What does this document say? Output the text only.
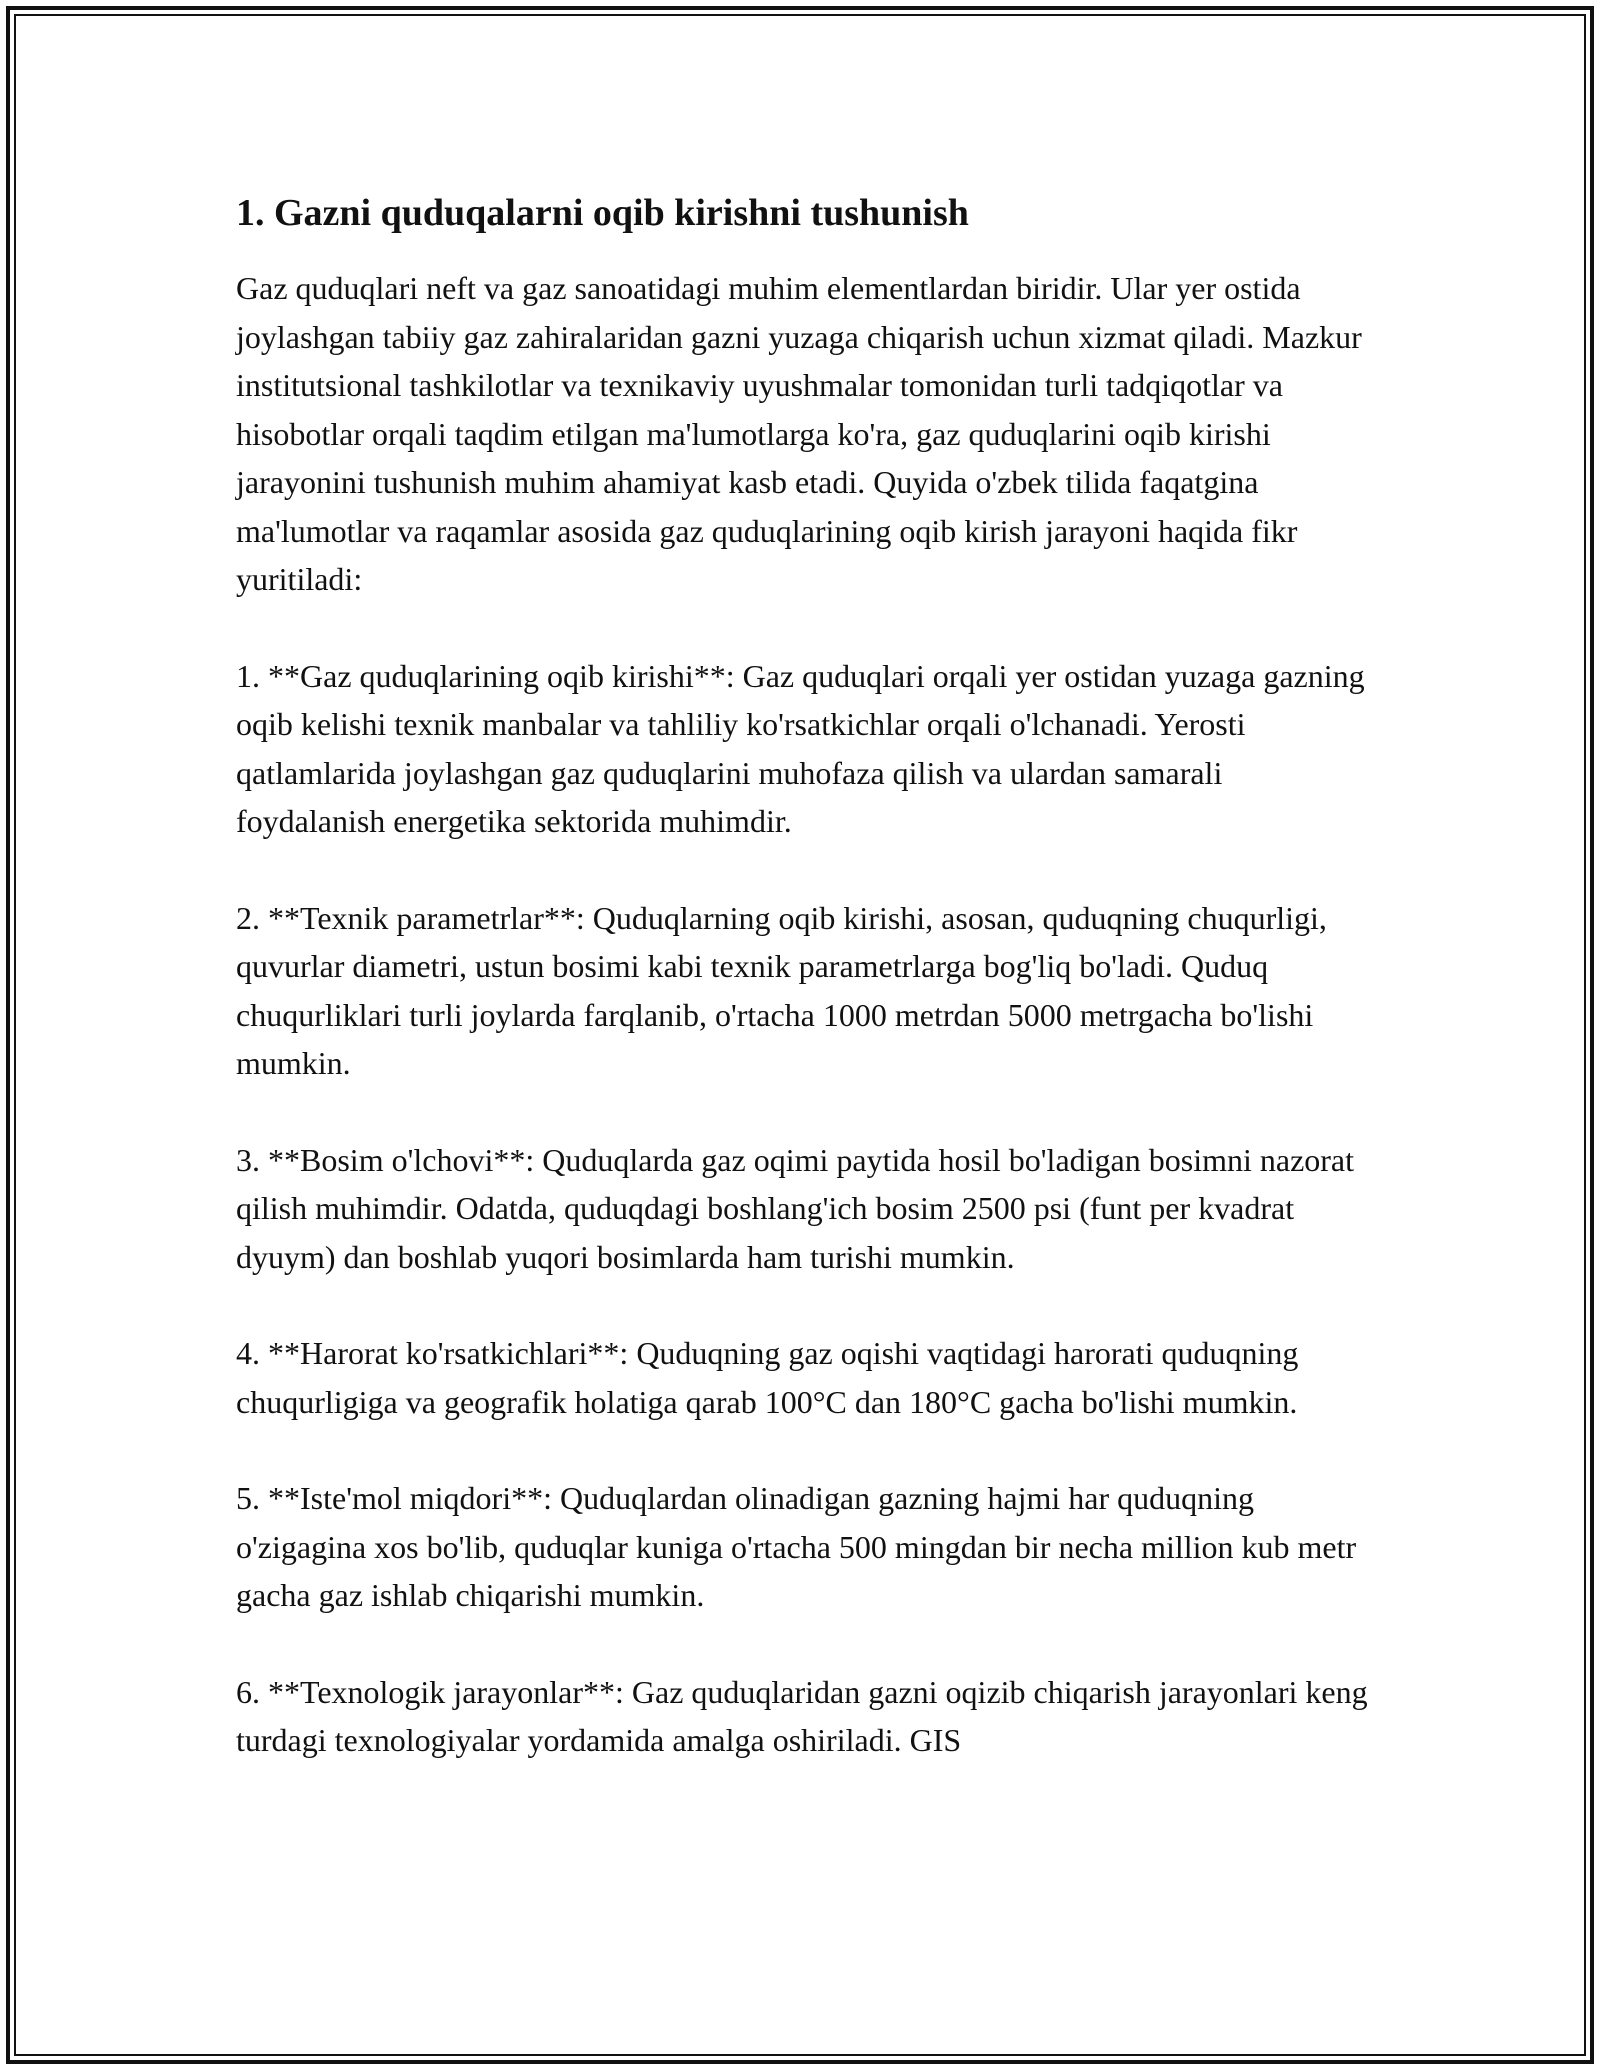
1. Gazni quduqalarni oqib kirishni tushunish

Gaz quduqlari neft va gaz sanoatidagi muhim elementlardan biridir. Ular yer ostida joylashgan tabiiy gaz zahiralaridan gazni yuzaga chiqarish uchun xizmat qiladi. Mazkur institutsional tashkilotlar va texnikaviy uyushmalar tomonidan turli tadqiqotlar va hisobotlar orqali taqdim etilgan ma'lumotlarga ko'ra, gaz quduqlarini oqib kirishi jarayonini tushunish muhim ahamiyat kasb etadi. Quyida o'zbek tilida faqatgina ma'lumotlar va raqamlar asosida gaz quduqlarining oqib kirish jarayoni haqida fikr yuritiladi:

1. **Gaz quduqlarining oqib kirishi**: Gaz quduqlari orqali yer ostidan yuzaga gazning oqib kelishi texnik manbalar va tahliliy ko'rsatkichlar orqali o'lchanadi. Yerosti qatlamlarida joylashgan gaz quduqlarini muhofaza qilish va ulardan samarali foydalanish energetika sektorida muhimdir.

2. **Texnik parametrlar**: Quduqlarning oqib kirishi, asosan, quduqning chuqurligi, quvurlar diametri, ustun bosimi kabi texnik parametrlarga bog'liq bo'ladi. Quduq chuqurliklari turli joylarda farqlanib, o'rtacha 1000 metrdan 5000 metrgacha bo'lishi mumkin.

3. **Bosim o'lchovi**: Quduqlarda gaz oqimi paytida hosil bo'ladigan bosimni nazorat qilish muhimdir. Odatda, quduqdagi boshlang'ich bosim 2500 psi (funt per kvadrat dyuym) dan boshlab yuqori bosimlarda ham turishi mumkin.

4. **Harorat ko'rsatkichlari**: Quduqning gaz oqishi vaqtidagi harorati quduqning chuqurligiga va geografik holatiga qarab 100°C dan 180°C gacha bo'lishi mumkin.

5. **Iste'mol miqdori**: Quduqlardan olinadigan gazning hajmi har quduqning o'zigagina xos bo'lib, quduqlar kuniga o'rtacha 500 mingdan bir necha million kub metr gacha gaz ishlab chiqarishi mumkin.

6. **Texnologik jarayonlar**: Gaz quduqlaridan gazni oqizib chiqarish jarayonlari keng turdagi texnologiyalar yordamida amalga oshiriladi. GIS
